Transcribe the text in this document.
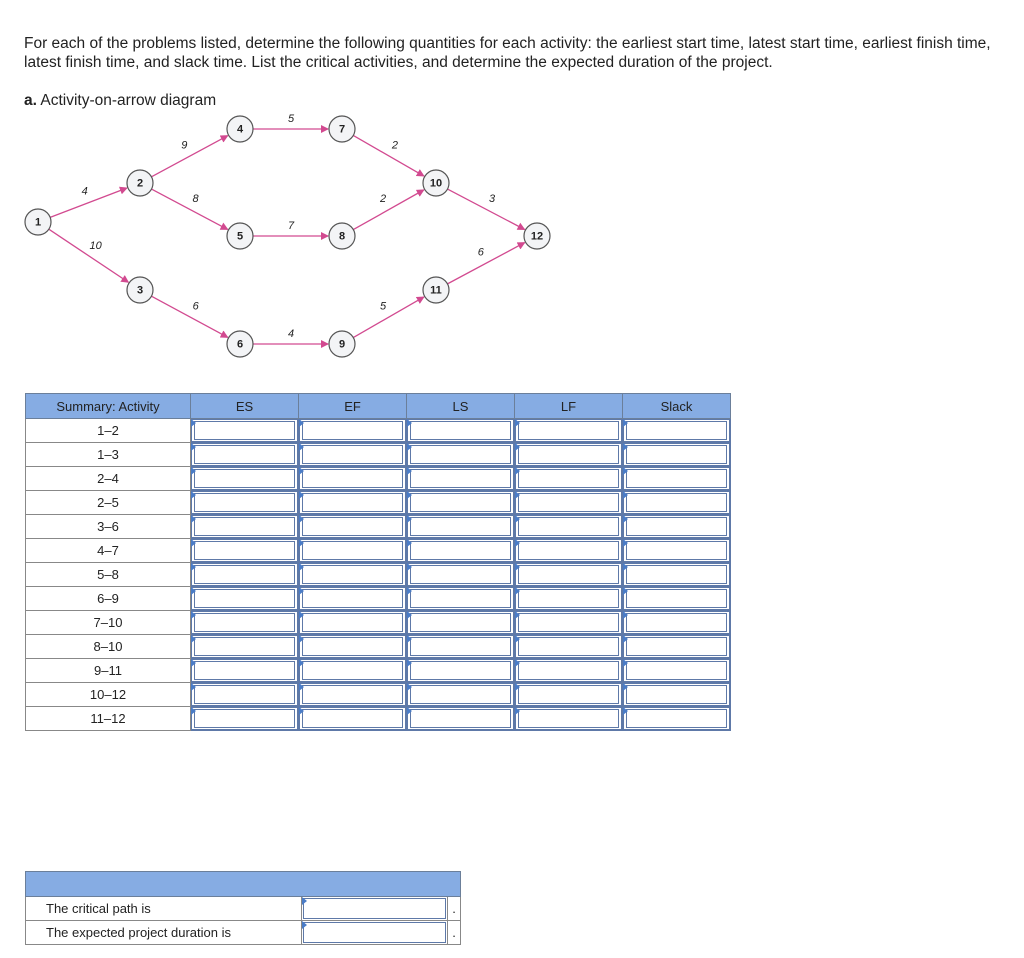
For each of the problems listed, determine the following quantities for each activity: the earliest start time, latest start time, earliest finish time, latest finish time, and slack time. List the critical activities, and determine the expected duration of the project.

a. Activity-on-arrow diagram

4
10
9
8
6
5
7
4
2
2
5
3
6
1
2
3
4
5
6
7
8
9
10
11
12
Summary: Activity	ES	EF	LS	LF	Slack
1–2	

1–3	

2–4	

2–5	

3–6	

4–7	

5–8	

6–9	

7–10	

8–10	

9–11	

10–12	

11–12	

The critical path is		.
The expected project duration is		.
